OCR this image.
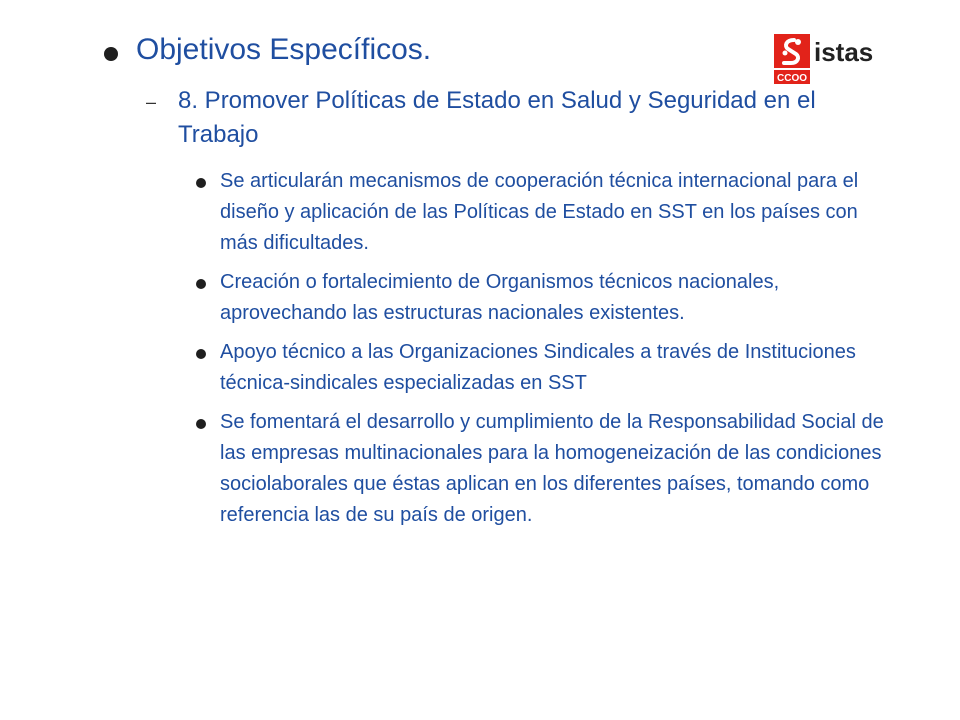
Objetivos Específicos.
– 8. Promover Políticas de Estado en Salud y Seguridad en el Trabajo
Se articularán mecanismos de cooperación técnica internacional para el diseño y aplicación de las Políticas de Estado en SST en los países con más dificultades.
Creación o fortalecimiento de Organismos técnicos nacionales, aprovechando las estructuras nacionales existentes.
Apoyo técnico a las Organizaciones Sindicales a través de Instituciones técnica-sindicales especializadas en SST
Se fomentará el desarrollo y cumplimiento de la Responsabilidad Social de las empresas multinacionales para la homogeneización de las condiciones sociolaborales que éstas aplican en los diferentes países, tomando como referencia las de su país de origen.
CCOO
istas
